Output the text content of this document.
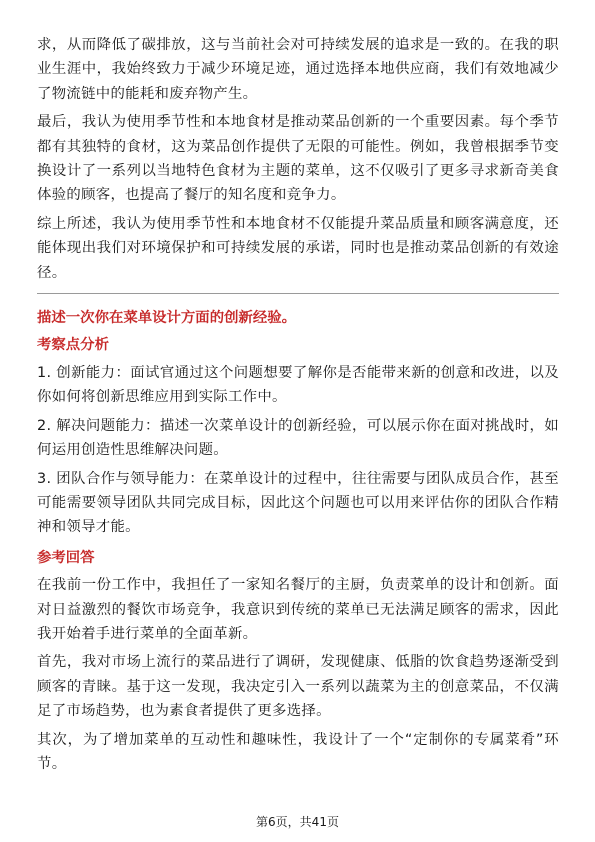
求，从而降低了碳排放，这与当前社会对可持续发展的追求是一致的。在我的职业生涯中，我始终致力于减少环境足迹，通过选择本地供应商，我们有效地减少了物流链中的能耗和废弃物产生。

最后，我认为使用季节性和本地食材是推动菜品创新的一个重要因素。每个季节都有其独特的食材，这为菜品创作提供了无限的可能性。例如，我曾根据季节变换设计了一系列以当地特色食材为主题的菜单，这不仅吸引了更多寻求新奇美食体验的顾客，也提高了餐厅的知名度和竞争力。

综上所述，我认为使用季节性和本地食材不仅能提升菜品质量和顾客满意度，还能体现出我们对环境保护和可持续发展的承诺，同时也是推动菜品创新的有效途径。

描述一次你在菜单设计方面的创新经验。

考察点分析

1. 创新能力：面试官通过这个问题想要了解你是否能带来新的创意和改进，以及你如何将创新思维应用到实际工作中。

2. 解决问题能力：描述一次菜单设计的创新经验，可以展示你在面对挑战时，如何运用创造性思维解决问题。

3. 团队合作与领导能力：在菜单设计的过程中，往往需要与团队成员合作，甚至可能需要领导团队共同完成目标，因此这个问题也可以用来评估你的团队合作精神和领导才能。

参考回答

在我前一份工作中，我担任了一家知名餐厅的主厨，负责菜单的设计和创新。面对日益激烈的餐饮市场竞争，我意识到传统的菜单已无法满足顾客的需求，因此我开始着手进行菜单的全面革新。

首先，我对市场上流行的菜品进行了调研，发现健康、低脂的饮食趋势逐渐受到顾客的青睐。基于这一发现，我决定引入一系列以蔬菜为主的创意菜品，不仅满足了市场趋势，也为素食者提供了更多选择。

其次，为了增加菜单的互动性和趣味性，我设计了一个“定制你的专属菜肴”环节。

第6页，共41页
